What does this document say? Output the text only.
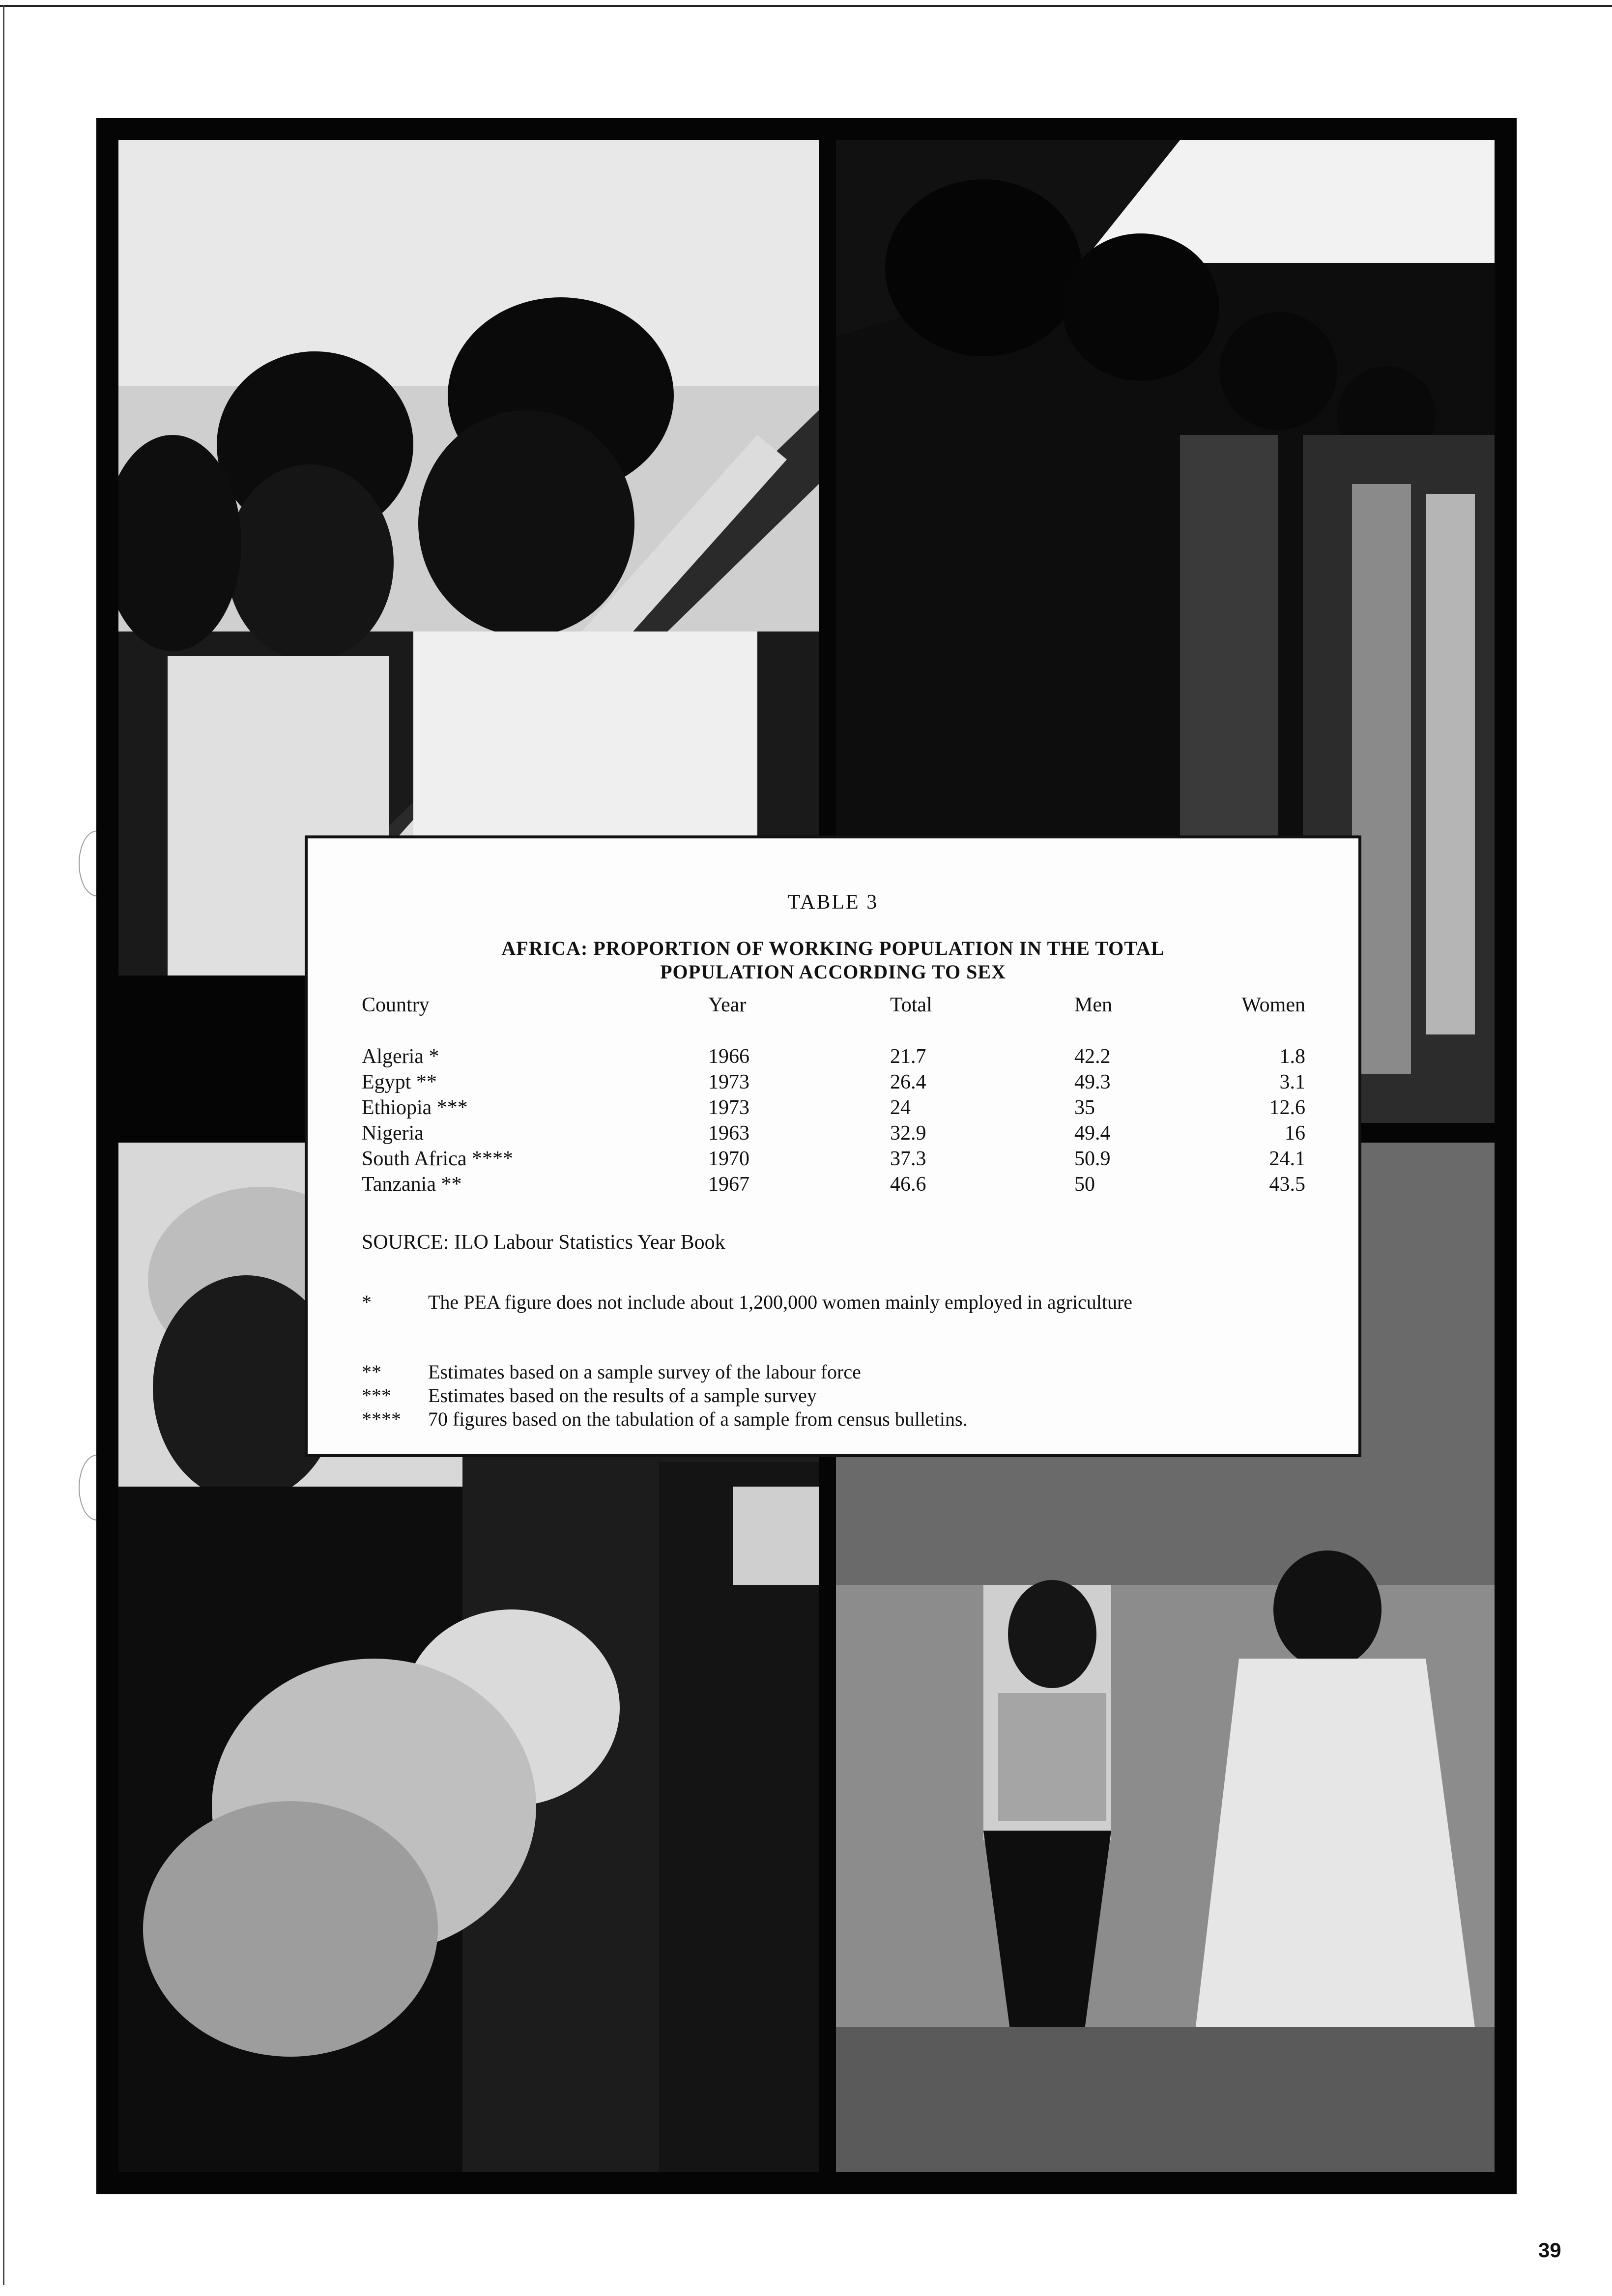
TABLE 3
AFRICA: PROPORTION OF WORKING POPULATION IN THE TOTAL
POPULATION ACCORDING TO SEX
Country	Year	Total	Men	Women
Algeria *	1966	21.7	42.2	1.8
Egypt **	1973	26.4	49.3	3.1
Ethiopia ***	1973	24	35	12.6
Nigeria	1963	32.9	49.4	16
South Africa ****	1970	37.3	50.9	24.1
Tanzania **	1967	46.6	50	43.5
SOURCE: ILO Labour Statistics Year Book
*	The PEA figure does not include about 1,200,000 women mainly employed in agriculture
** Estimates based on a sample survey of the labour force
*** Estimates based on the results of a sample survey
**** 70 figures based on the tabulation of a sample from census bulletins.
39
